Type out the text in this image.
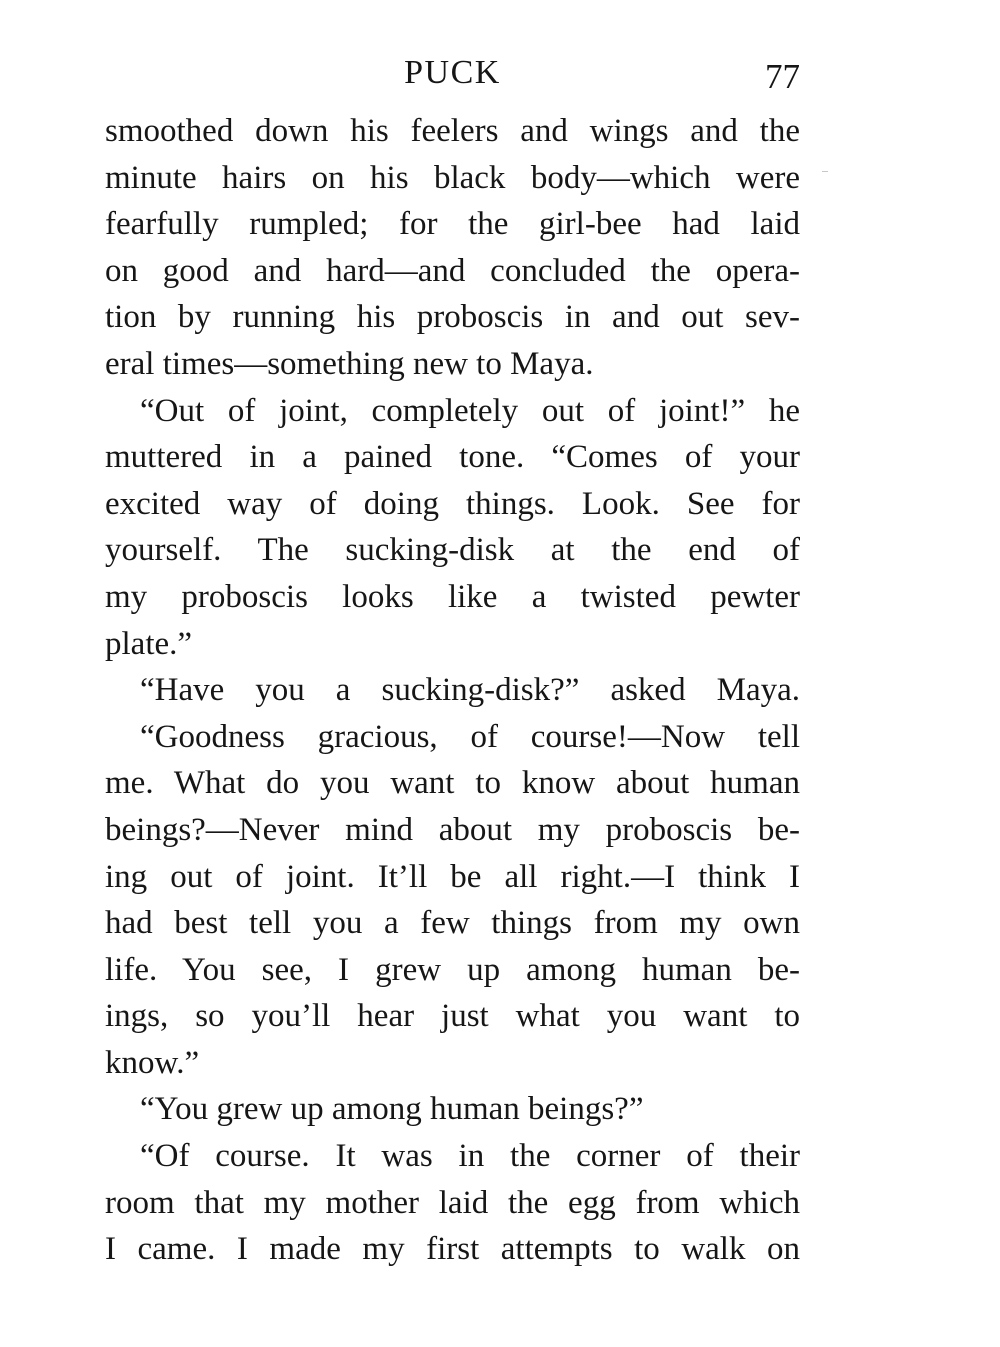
PUCK	77
smoothed down his feelers and wings and the
minute hairs on his black body—which were
fearfully rumpled; for the girl-bee had laid
on good and hard—and concluded the opera-
tion by running his proboscis in and out sev-
eral times—something new to Maya.
“Out of joint, completely out of joint!” he
muttered in a pained tone. “Comes of your
excited way of doing things. Look. See for
yourself. The sucking-disk at the end of
my proboscis looks like a twisted pewter
plate.”
“Have you a sucking-disk?” asked Maya.
“Goodness gracious, of course!—Now tell
me. What do you want to know about human
beings?—Never mind about my proboscis be-
ing out of joint. It’ll be all right.—I think I
had best tell you a few things from my own
life. You see, I grew up among human be-
ings, so you’ll hear just what you want to
know.”
“You grew up among human beings?”
“Of course. It was in the corner of their
room that my mother laid the egg from which
I came. I made my first attempts to walk on
